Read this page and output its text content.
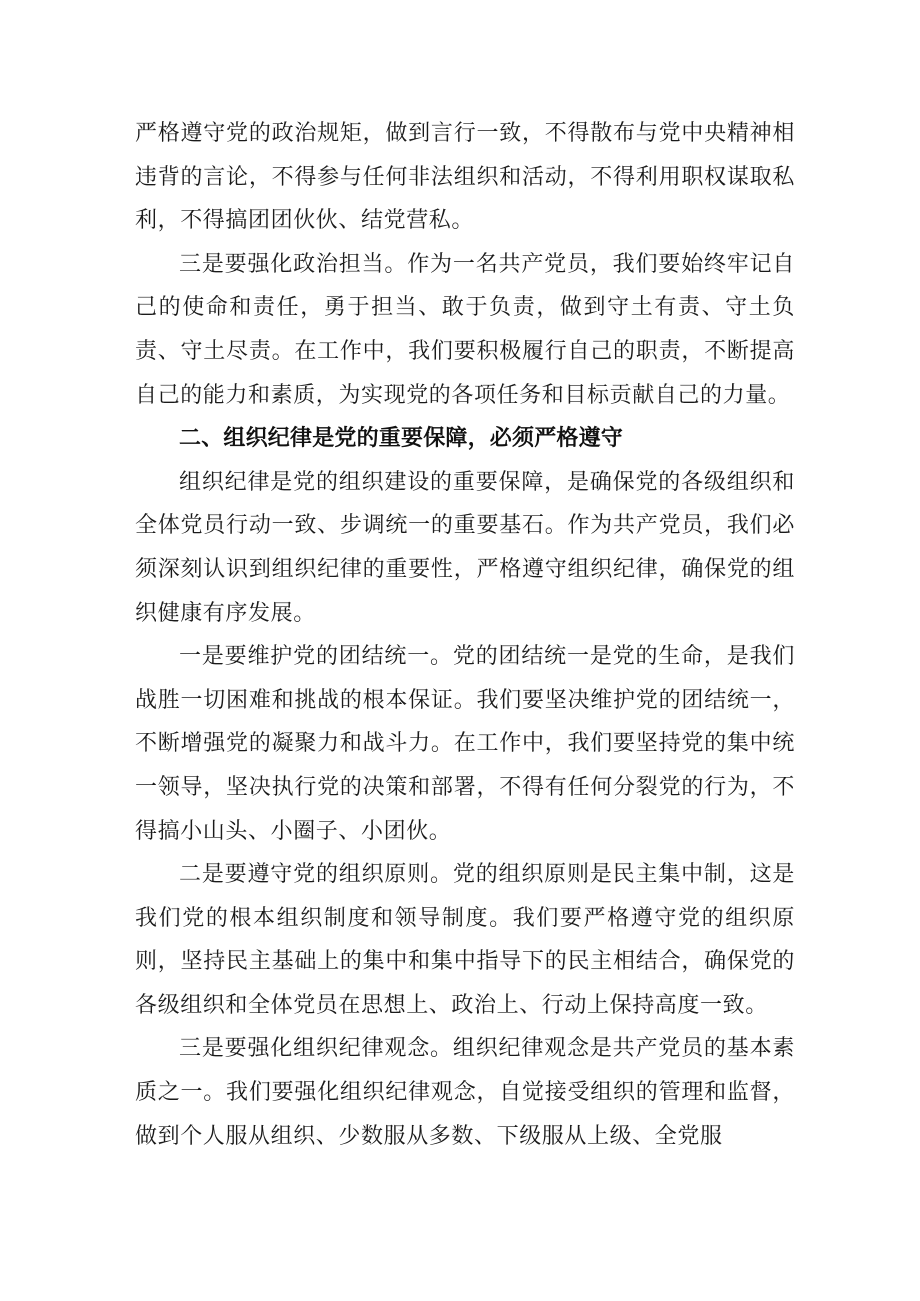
严格遵守党的政治规矩，做到言行一致，不得散布与党中央精神相违背的言论，不得参与任何非法组织和活动，不得利用职权谋取私利，不得搞团团伙伙、结党营私。

三是要强化政治担当。作为一名共产党员，我们要始终牢记自己的使命和责任，勇于担当、敢于负责，做到守土有责、守土负责、守土尽责。在工作中，我们要积极履行自己的职责，不断提高自己的能力和素质，为实现党的各项任务和目标贡献自己的力量。

二、组织纪律是党的重要保障，必须严格遵守

组织纪律是党的组织建设的重要保障，是确保党的各级组织和全体党员行动一致、步调统一的重要基石。作为共产党员，我们必须深刻认识到组织纪律的重要性，严格遵守组织纪律，确保党的组织健康有序发展。

一是要维护党的团结统一。党的团结统一是党的生命，是我们战胜一切困难和挑战的根本保证。我们要坚决维护党的团结统一，不断增强党的凝聚力和战斗力。在工作中，我们要坚持党的集中统一领导，坚决执行党的决策和部署，不得有任何分裂党的行为，不得搞小山头、小圈子、小团伙。

二是要遵守党的组织原则。党的组织原则是民主集中制，这是我们党的根本组织制度和领导制度。我们要严格遵守党的组织原则，坚持民主基础上的集中和集中指导下的民主相结合，确保党的各级组织和全体党员在思想上、政治上、行动上保持高度一致。

三是要强化组织纪律观念。组织纪律观念是共产党员的基本素质之一。我们要强化组织纪律观念，自觉接受组织的管理和监督，做到个人服从组织、少数服从多数、下级服从上级、全党服
